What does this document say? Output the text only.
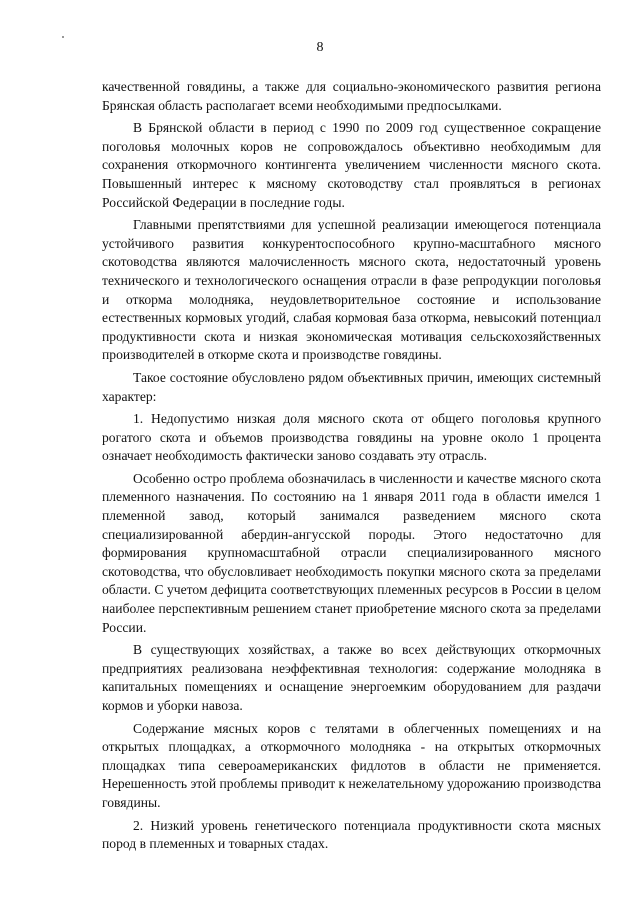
8

качественной говядины, а также для социально-экономического развития региона Брянская область располагает всеми необходимыми предпосылками.

В Брянской области в период с 1990 по 2009 год существенное сокращение поголовья молочных коров не сопровождалось объективно необходимым для сохранения откормочного контингента увеличением численности мясного скота. Повышенный интерес к мясному скотоводству стал проявляться в регионах Российской Федерации в последние годы.

Главными препятствиями для успешной реализации имеющегося потенциала устойчивого развития конкурентоспособного крупно-масштабного мясного скотоводства являются малочисленность мясного скота, недостаточный уровень технического и технологического оснащения отрасли в фазе репродукции поголовья и откорма молодняка, неудовлетворительное состояние и использование естественных кормовых угодий, слабая кормовая база откорма, невысокий потенциал продуктивности скота и низкая экономическая мотивация сельскохозяйственных производителей в откорме скота и производстве говядины.

Такое состояние обусловлено рядом объективных причин, имеющих системный характер:

1. Недопустимо низкая доля мясного скота от общего поголовья крупного рогатого скота и объемов производства говядины на уровне около 1 процента означает необходимость фактически заново создавать эту отрасль.

Особенно остро проблема обозначилась в численности и качестве мясного скота племенного назначения. По состоянию на 1 января 2011 года в области имелся 1 племенной завод, который занимался разведением мясного скота специализированной абердин-ангусской породы. Этого недостаточно для формирования крупномасштабной отрасли специализированного мясного скотоводства, что обусловливает необходимость покупки мясного скота за пределами области. С учетом дефицита соответствующих племенных ресурсов в России в целом наиболее перспективным решением станет приобретение мясного скота за пределами России.

В существующих хозяйствах, а также во всех действующих откормочных предприятиях реализована неэффективная технология: содержание молодняка в капитальных помещениях и оснащение энергоемким оборудованием для раздачи кормов и уборки навоза.

Содержание мясных коров с телятами в облегченных помещениях и на открытых площадках, а откормочного молодняка - на открытых откормочных площадках типа североамериканских фидлотов в области не применяется. Нерешенность этой проблемы приводит к нежелательному удорожанию производства говядины.

2. Низкий уровень генетического потенциала продуктивности скота мясных пород в племенных и товарных стадах.
